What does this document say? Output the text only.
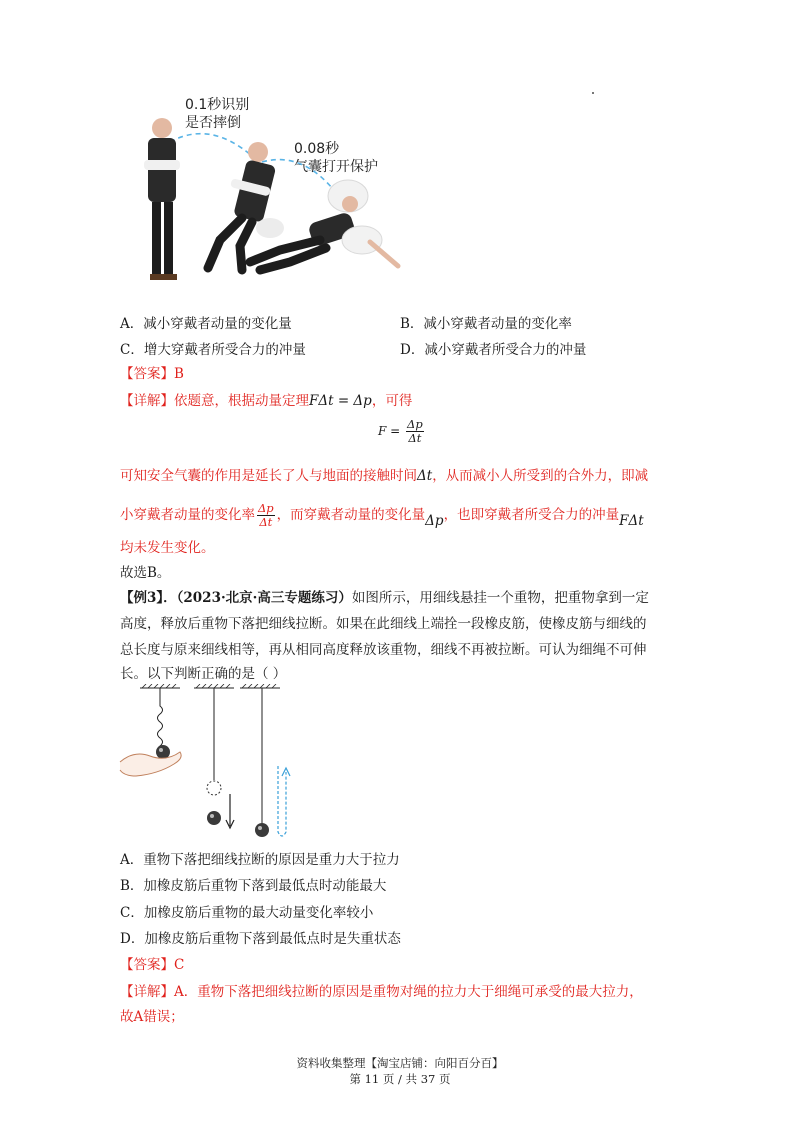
0.1秒识别
是否摔倒
0.08秒
气囊打开保护
A．减小穿戴者动量的变化量	B．减小穿戴者动量的变化率
C．增大穿戴者所受合力的冲量	D．减小穿戴者所受合力的冲量
【答案】B
【详解】依题意，根据动量定理FΔt = Δp，可得
$F = \frac{\Delta p}{\Delta t}$
可知安全气囊的作用是延长了人与地面的接触时间Δt，从而减小人所受到的合外力，即减
小穿戴者动量的变化率 $\frac{\Delta p}{\Delta t}$ ，而穿戴者动量的变化量Δp，也即穿戴者所受合力的冲量FΔt
均未发生变化。
故选B。
【例3】．（2023·北京·高三专题练习）如图所示，用细线悬挂一个重物，把重物拿到一定
高度，释放后重物下落把细线拉断。如果在此细线上端拴一段橡皮筋，使橡皮筋与细线的
总长度与原来细线相等，再从相同高度释放该重物，细线不再被拉断。可认为细绳不可伸
长。以下判断正确的是（ ）
A．重物下落把细线拉断的原因是重力大于拉力
B．加橡皮筋后重物下落到最低点时动能最大
C．加橡皮筋后重物的最大动量变化率较小
D．加橡皮筋后重物下落到最低点时是失重状态
【答案】C
【详解】A．重物下落把细线拉断的原因是重物对绳的拉力大于细绳可承受的最大拉力，
故A错误；
资料收集整理【淘宝店铺：向阳百分百】
第 11 页 / 共 37 页
